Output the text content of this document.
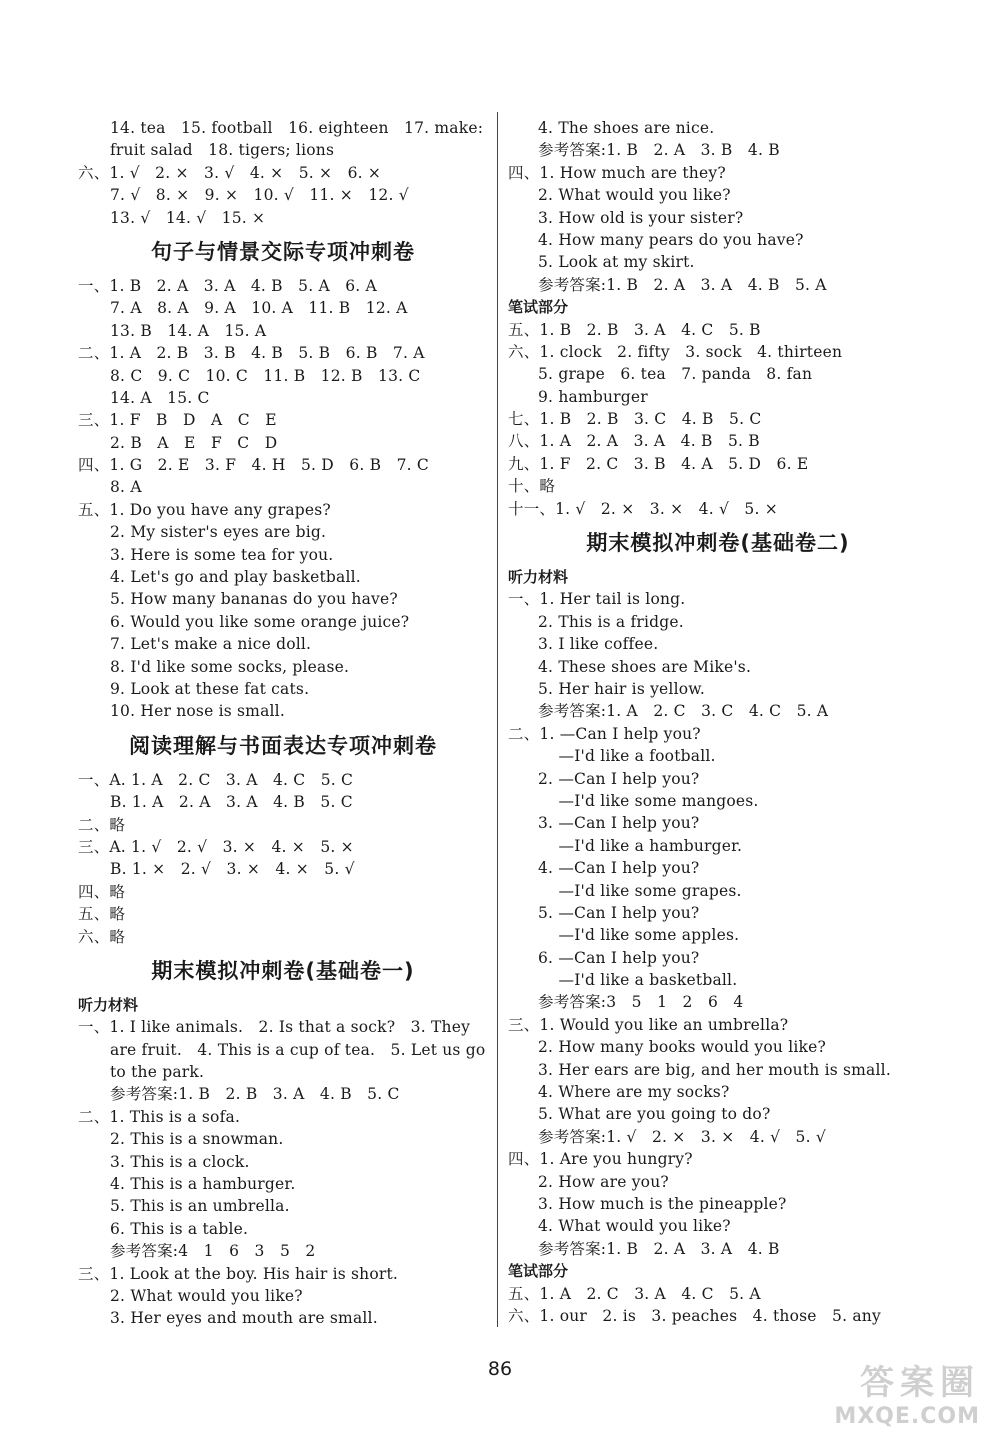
14. tea   15. football   16. eighteen   17. make:
fruit salad   18. tigers; lions
六、1. √   2. ×   3. √   4. ×   5. ×   6. ×
7. √   8. ×   9. ×   10. √   11. ×   12. √
13. √   14. √   15. ×
句子与情景交际专项冲刺卷
一、1. B   2. A   3. A   4. B   5. A   6. A
7. A   8. A   9. A   10. A   11. B   12. A
13. B   14. A   15. A
二、1. A   2. B   3. B   4. B   5. B   6. B   7. A
8. C   9. C   10. C   11. B   12. B   13. C
14. A   15. C
三、1. F   B   D   A   C   E
2. B   A   E   F   C   D
四、1. G   2. E   3. F   4. H   5. D   6. B   7. C
8. A
五、1. Do you have any grapes?
2. My sister's eyes are big.
3. Here is some tea for you.
4. Let's go and play basketball.
5. How many bananas do you have?
6. Would you like some orange juice?
7. Let's make a nice doll.
8. I'd like some socks, please.
9. Look at these fat cats.
10. Her nose is small.
阅读理解与书面表达专项冲刺卷
一、A. 1. A   2. C   3. A   4. C   5. C
B. 1. A   2. A   3. A   4. B   5. C
二、略
三、A. 1. √   2. √   3. ×   4. ×   5. ×
B. 1. ×   2. √   3. ×   4. ×   5. √
四、略
五、略
六、略
期末模拟冲刺卷(基础卷一)
听力材料
一、1. I like animals.   2. Is that a sock?   3. They
are fruit.   4. This is a cup of tea.   5. Let us go
to the park.
参考答案:1. B   2. B   3. A   4. B   5. C
二、1. This is a sofa.
2. This is a snowman.
3. This is a clock.
4. This is a hamburger.
5. This is an umbrella.
6. This is a table.
参考答案:4   1   6   3   5   2
三、1. Look at the boy. His hair is short.
2. What would you like?
3. Her eyes and mouth are small.
4. The shoes are nice.
参考答案:1. B   2. A   3. B   4. B
四、1. How much are they?
2. What would you like?
3. How old is your sister?
4. How many pears do you have?
5. Look at my skirt.
参考答案:1. B   2. A   3. A   4. B   5. A
笔试部分
五、1. B   2. B   3. A   4. C   5. B
六、1. clock   2. fifty   3. sock   4. thirteen
5. grape   6. tea   7. panda   8. fan
9. hamburger
七、1. B   2. B   3. C   4. B   5. C
八、1. A   2. A   3. A   4. B   5. B
九、1. F   2. C   3. B   4. A   5. D   6. E
十、略
十一、1. √   2. ×   3. ×   4. √   5. ×
期末模拟冲刺卷(基础卷二)
听力材料
一、1. Her tail is long.
2. This is a fridge.
3. I like coffee.
4. These shoes are Mike's.
5. Her hair is yellow.
参考答案:1. A   2. C   3. C   4. C   5. A
二、1. —Can I help you?
—I'd like a football.
2. —Can I help you?
—I'd like some mangoes.
3. —Can I help you?
—I'd like a hamburger.
4. —Can I help you?
—I'd like some grapes.
5. —Can I help you?
—I'd like some apples.
6. —Can I help you?
—I'd like a basketball.
参考答案:3   5   1   2   6   4
三、1. Would you like an umbrella?
2. How many books would you like?
3. Her ears are big, and her mouth is small.
4. Where are my socks?
5. What are you going to do?
参考答案:1. √   2. ×   3. ×   4. √   5. √
四、1. Are you hungry?
2. How are you?
3. How much is the pineapple?
4. What would you like?
参考答案:1. B   2. A   3. A   4. B
笔试部分
五、1. A   2. C   3. A   4. C   5. A
六、1. our   2. is   3. peaches   4. those   5. any
86	答案圈
MXQE.COM
